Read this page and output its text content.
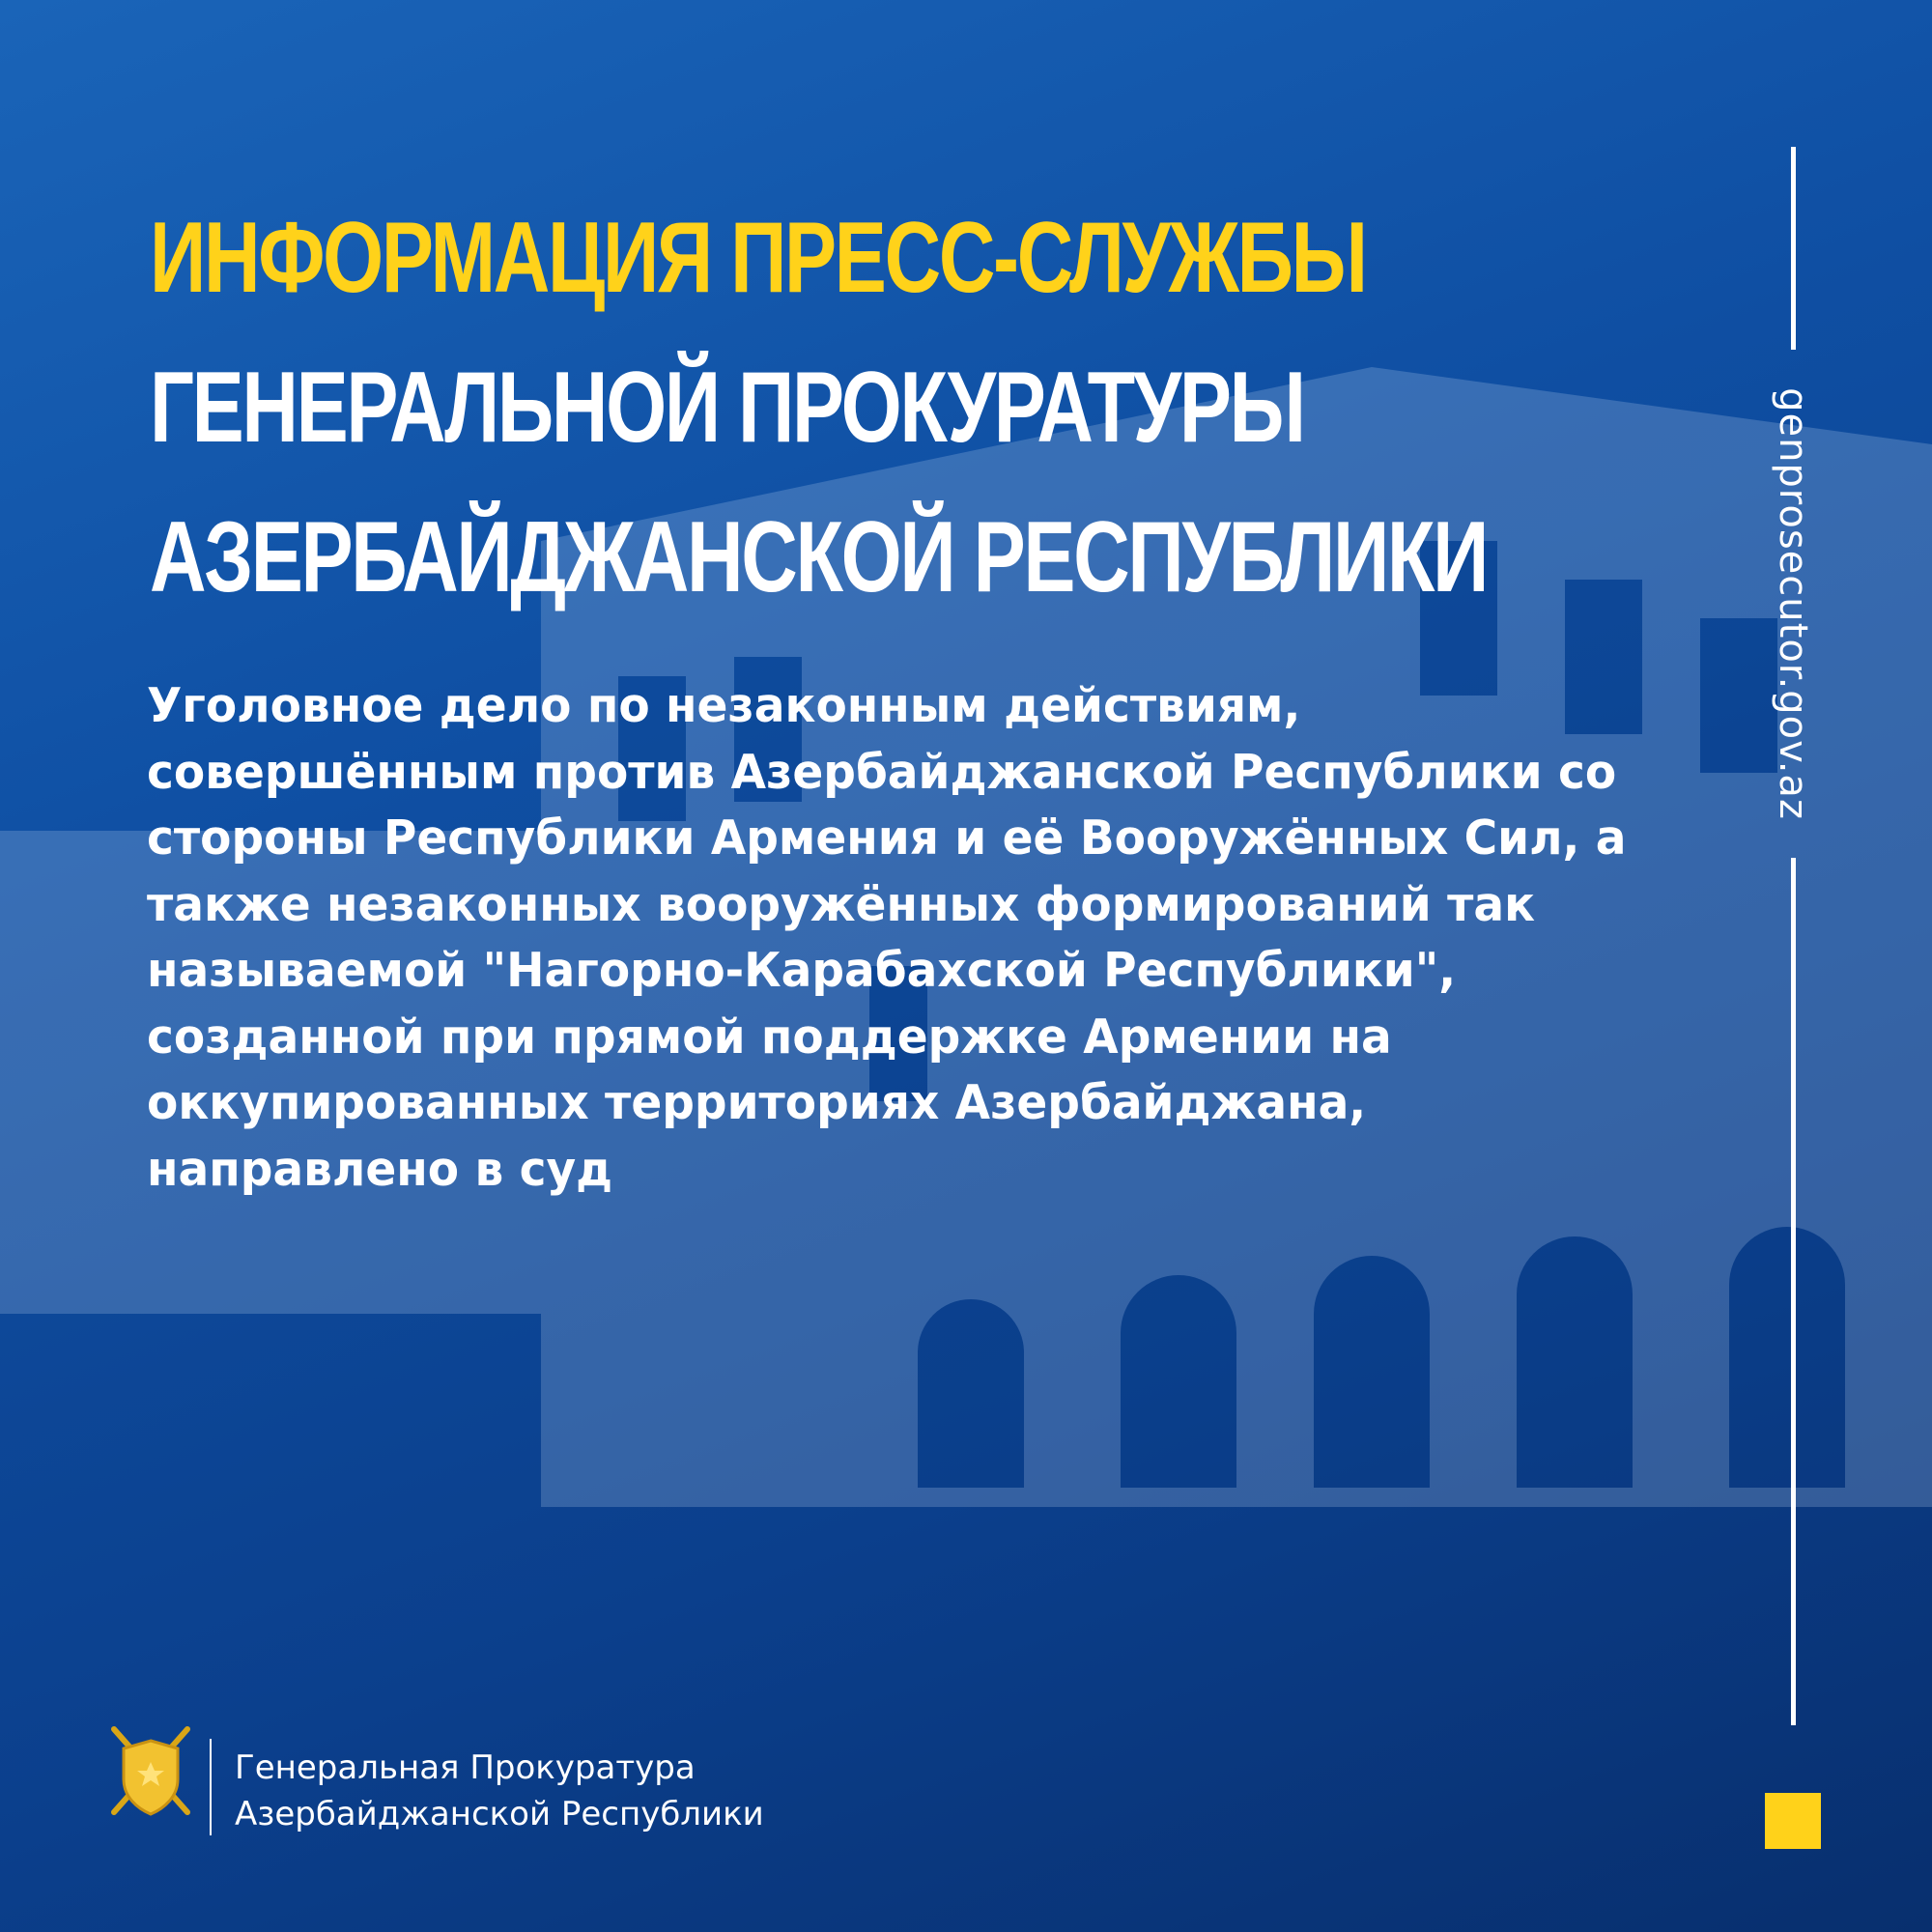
ИНФОРМАЦИЯ ПРЕСС-СЛУЖБЫ
ГЕНЕРАЛЬНОЙ ПРОКУРАТУРЫ
АЗЕРБАЙДЖАНСКОЙ РЕСПУБЛИКИ

Уголовное дело по незаконным действиям, совершённым против Азербайджанской Республики со стороны Республики Армения и её Вооружённых Сил, а также незаконных вооружённых формирований так называемой "Нагорно-Карабахской Республики", созданной при прямой поддержке Армении на оккупированных территориях Азербайджана, направлено в суд

genprosecutor.gov.az
Генеральная Прокуратура
Азербайджанской Республики
